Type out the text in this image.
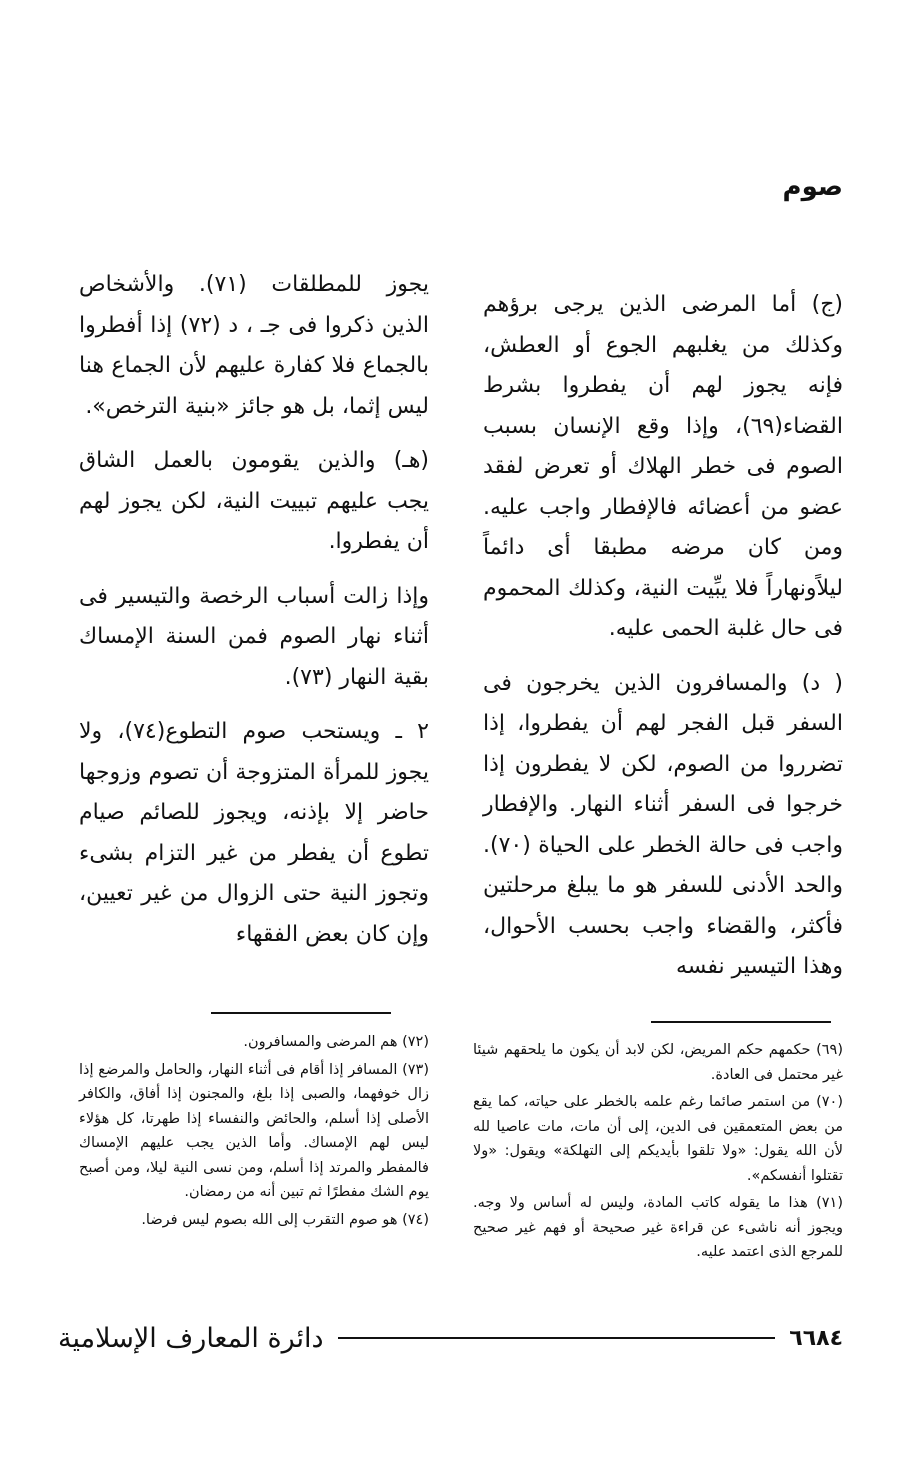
صوم

(ج) أما المرضى الذين يرجى برؤهم وكذلك من يغلبهم الجوع أو العطش، فإنه يجوز لهم أن يفطروا بشرط القضاء(٦٩)، وإذا وقع الإنسان بسبب الصوم فى خطر الهلاك أو تعرض لفقد عضو من أعضائه فالإفطار واجب عليه. ومن كان مرضه مطبقا أى دائماً ليلاًونهاراً فلا يبِّيت النية، وكذلك المحموم فى حال غلبة الحمى عليه.

( د) والمسافرون الذين يخرجون فى السفر قبل الفجر لهم أن يفطروا، إذا تضرروا من الصوم، لكن لا يفطرون إذا خرجوا فى السفر أثناء النهار. والإفطار واجب فى حالة الخطر على الحياة (٧٠). والحد الأدنى للسفر هو ما يبلغ مرحلتين فأكثر، والقضاء واجب بحسب الأحوال، وهذا التيسير نفسه

يجوز للمطلقات (٧١). والأشخاص الذين ذكروا فى جـ ، د (٧٢) إذا أفطروا بالجماع فلا كفارة عليهم لأن الجماع هنا ليس إثما، بل هو جائز «بنية الترخص».

(هـ) والذين يقومون بالعمل الشاق يجب عليهم تبييت النية، لكن يجوز لهم أن يفطروا.

وإذا زالت أسباب الرخصة والتيسير فى أثناء نهار الصوم فمن السنة الإمساك بقية النهار (٧٣).

٢ ـ ويستحب صوم التطوع(٧٤)، ولا يجوز للمرأة المتزوجة أن تصوم وزوجها حاضر إلا بإذنه، ويجوز للصائم صيام تطوع أن يفطر من غير التزام بشىء وتجوز النية حتى الزوال من غير تعيين، وإن كان بعض الفقهاء

(٦٩) حكمهم حكم المريض، لكن لابد أن يكون ما يلحقهم شيئا غير محتمل فى العادة.

(٧٠) من استمر صائما رغم علمه بالخطر على حياته، كما يقع من بعض المتعمقين فى الدين، إلى أن مات، مات عاصيا لله لأن الله يقول: «ولا تلقوا بأيديكم إلى التهلكة» ويقول: «ولا تقتلوا أنفسكم».

(٧١) هذا ما يقوله كاتب المادة، وليس له أساس ولا وجه. ويجوز أنه ناشىء عن قراءة غير صحيحة أو فهم غير صحيح للمرجع الذى اعتمد عليه.

(٧٢) هم المرضى والمسافرون.

(٧٣) المسافر إذا أقام فى أثناء النهار، والحامل والمرضع إذا زال خوفهما، والصبى إذا بلغ، والمجنون إذا أفاق، والكافر الأصلى إذا أسلم، والحائض والنفساء إذا طهرتا، كل هؤلاء ليس لهم الإمساك. وأما الذين يجب عليهم الإمساك فالمفطر والمرتد إذا أسلم، ومن نسى النية ليلا، ومن أصبح يوم الشك مفطرًا ثم تبين أنه من رمضان.

(٧٤) هو صوم التقرب إلى الله بصوم ليس فرضا.

٦٦٨٤
دائرة المعارف الإسلامية
